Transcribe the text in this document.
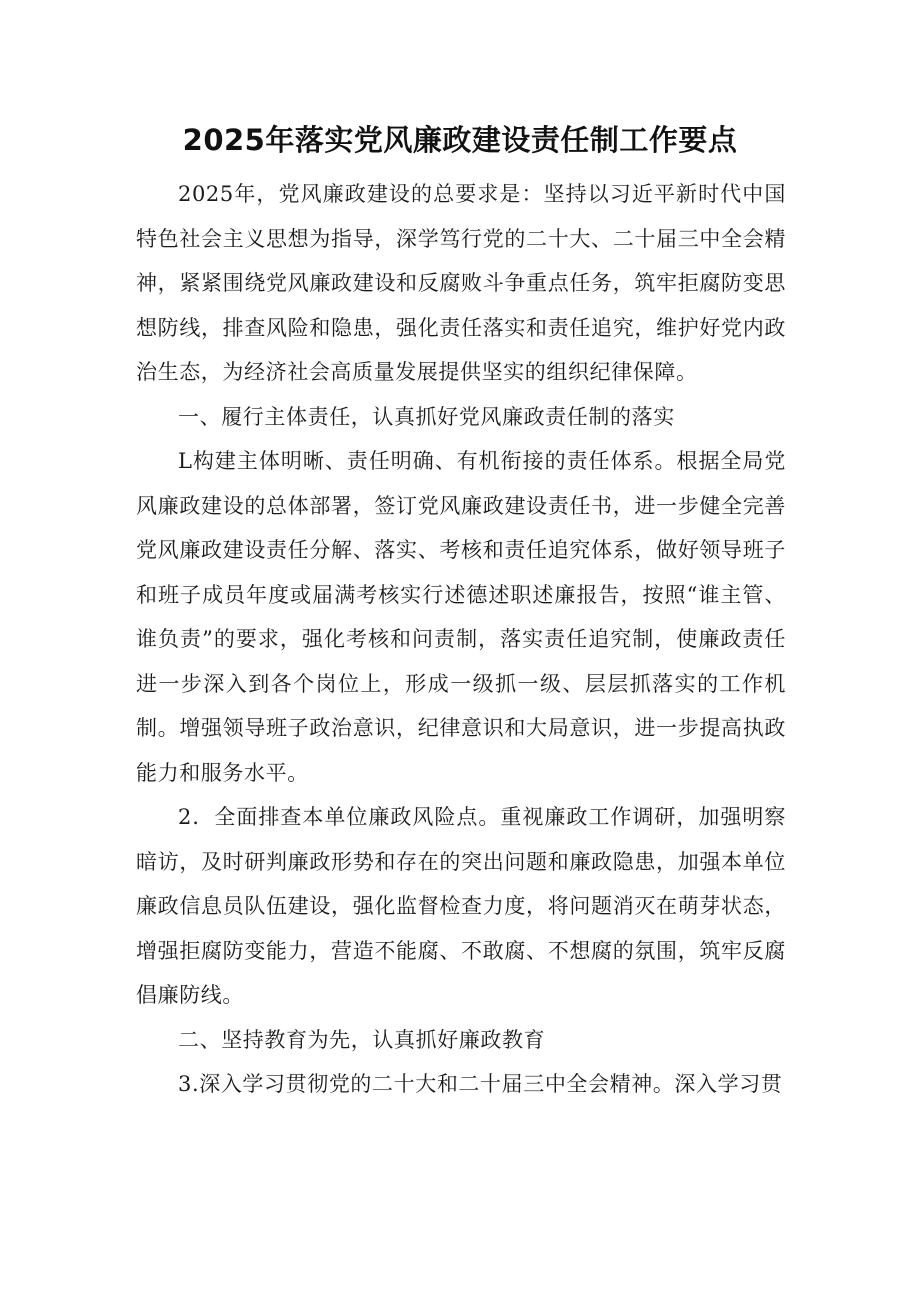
2025年落实党风廉政建设责任制工作要点

2025年，党风廉政建设的总要求是：坚持以习近平新时代中国特色社会主义思想为指导，深学笃行党的二十大、二十届三中全会精神，紧紧围绕党风廉政建设和反腐败斗争重点任务，筑牢拒腐防变思想防线，排查风险和隐患，强化责任落实和责任追究，维护好党内政治生态，为经济社会高质量发展提供坚实的组织纪律保障。

一、履行主体责任，认真抓好党风廉政责任制的落实

L构建主体明晰、责任明确、有机衔接的责任体系。根据全局党风廉政建设的总体部署，签订党风廉政建设责任书，进一步健全完善党风廉政建设责任分解、落实、考核和责任追究体系，做好领导班子和班子成员年度或届满考核实行述德述职述廉报告，按照“谁主管、谁负责”的要求，强化考核和问责制，落实责任追究制，使廉政责任进一步深入到各个岗位上，形成一级抓一级、层层抓落实的工作机制。增强领导班子政治意识，纪律意识和大局意识，进一步提高执政能力和服务水平。

2．全面排查本单位廉政风险点。重视廉政工作调研，加强明察暗访，及时研判廉政形势和存在的突出问题和廉政隐患，加强本单位廉政信息员队伍建设，强化监督检查力度，将问题消灭在萌芽状态，增强拒腐防变能力，营造不能腐、不敢腐、不想腐的氛围，筑牢反腐倡廉防线。

二、坚持教育为先，认真抓好廉政教育

3.深入学习贯彻党的二十大和二十届三中全会精神。深入学习贯
